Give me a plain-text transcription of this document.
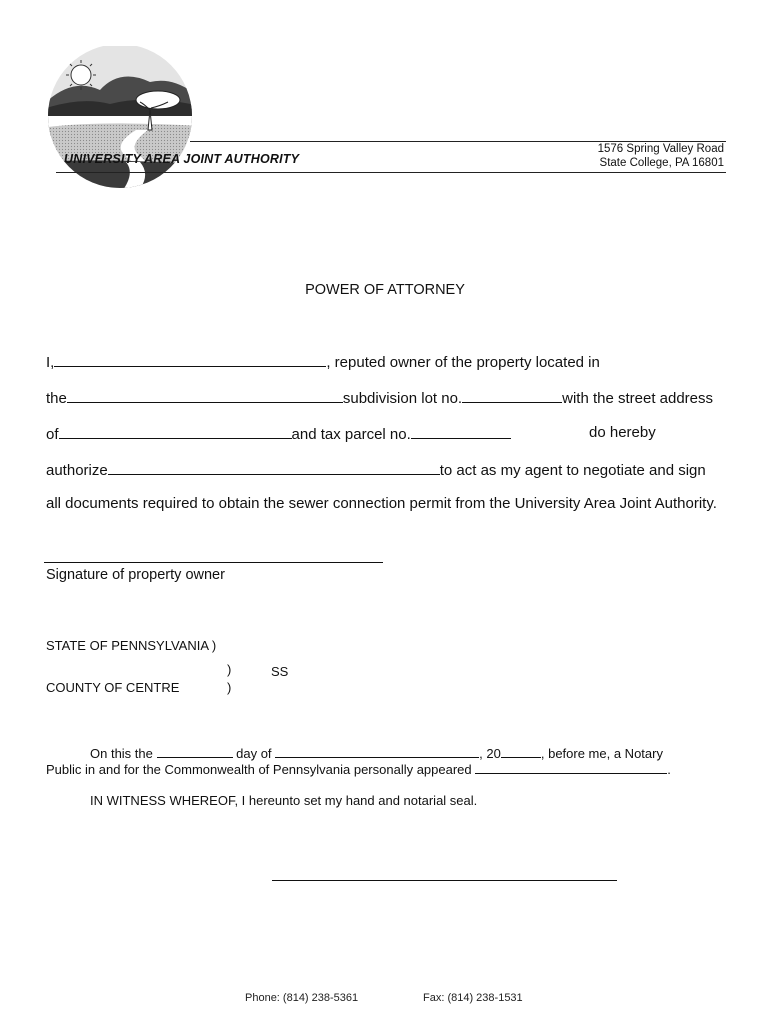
UNIVERSITY AREA JOINT AUTHORITY
1576 Spring Valley Road
State College, PA 16801
POWER OF ATTORNEY
I,	, reputed owner of the property located in
the	subdivision lot no.	with the street address
of	and tax parcel no.	do hereby
authorize	to act as my agent to negotiate and sign
all documents required to obtain the sewer connection permit from the University Area Joint Authority.
Signature of property owner
STATE OF PENNSYLVANIA )
)	SS
COUNTY OF CENTRE	)
On this the	day of	, 20	, before me, a Notary
Public in and for the Commonwealth of Pennsylvania personally appeared	.
IN WITNESS WHEREOF, I hereunto set my hand and notarial seal.
Phone: (814) 238-5361	Fax: (814) 238-1531
